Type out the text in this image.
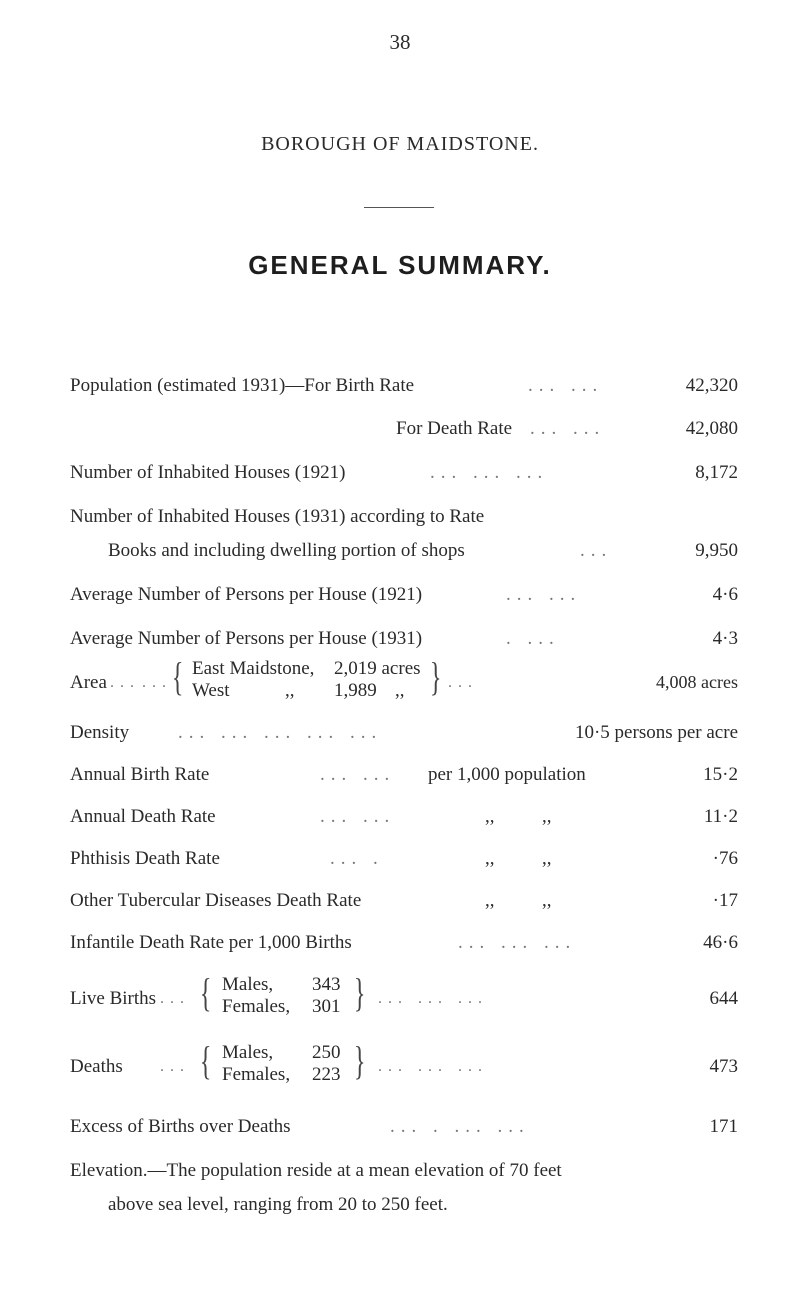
38
BOROUGH OF MAIDSTONE.
GENERAL SUMMARY.
Population (estimated 1931)—For Birth Rate	... ...	42,320
For Death Rate ... ...	42,080
Number of Inhabited Houses (1921)	... ... ...	8,172
Number of Inhabited Houses (1931) according to Rate
Books and including dwelling portion of shops	...	9,950
Average Number of Persons per House (1921)	... ...	4·6
Average Number of Persons per House (1931)	. ...	4·3
Area ... ... { East Maidstone, 2,019 acres
West	,, 1,989 ,, } ...	4,008 acres
Density	... ... ... ... ...	10·5 persons per acre
Annual Birth Rate	... ... per 1,000 population	15·2
Annual Death Rate	... ...	,,          ,,	11·2
Phthisis Death Rate	... .	,,          ,,	·76
Other Tubercular Diseases Death Rate	,,          ,,	·17
Infantile Death Rate per 1,000 Births	... ... ...	46·6
Live Births ... { Males, 343
Females, 301 } ... ... ...	644
Deaths ... { Males, 250
Females, 223 } ... ... ...	473
Excess of Births over Deaths	... . ... ...	171
Elevation.—The population reside at a mean elevation of 70 feet
above sea level, ranging from 20 to 250 feet.
